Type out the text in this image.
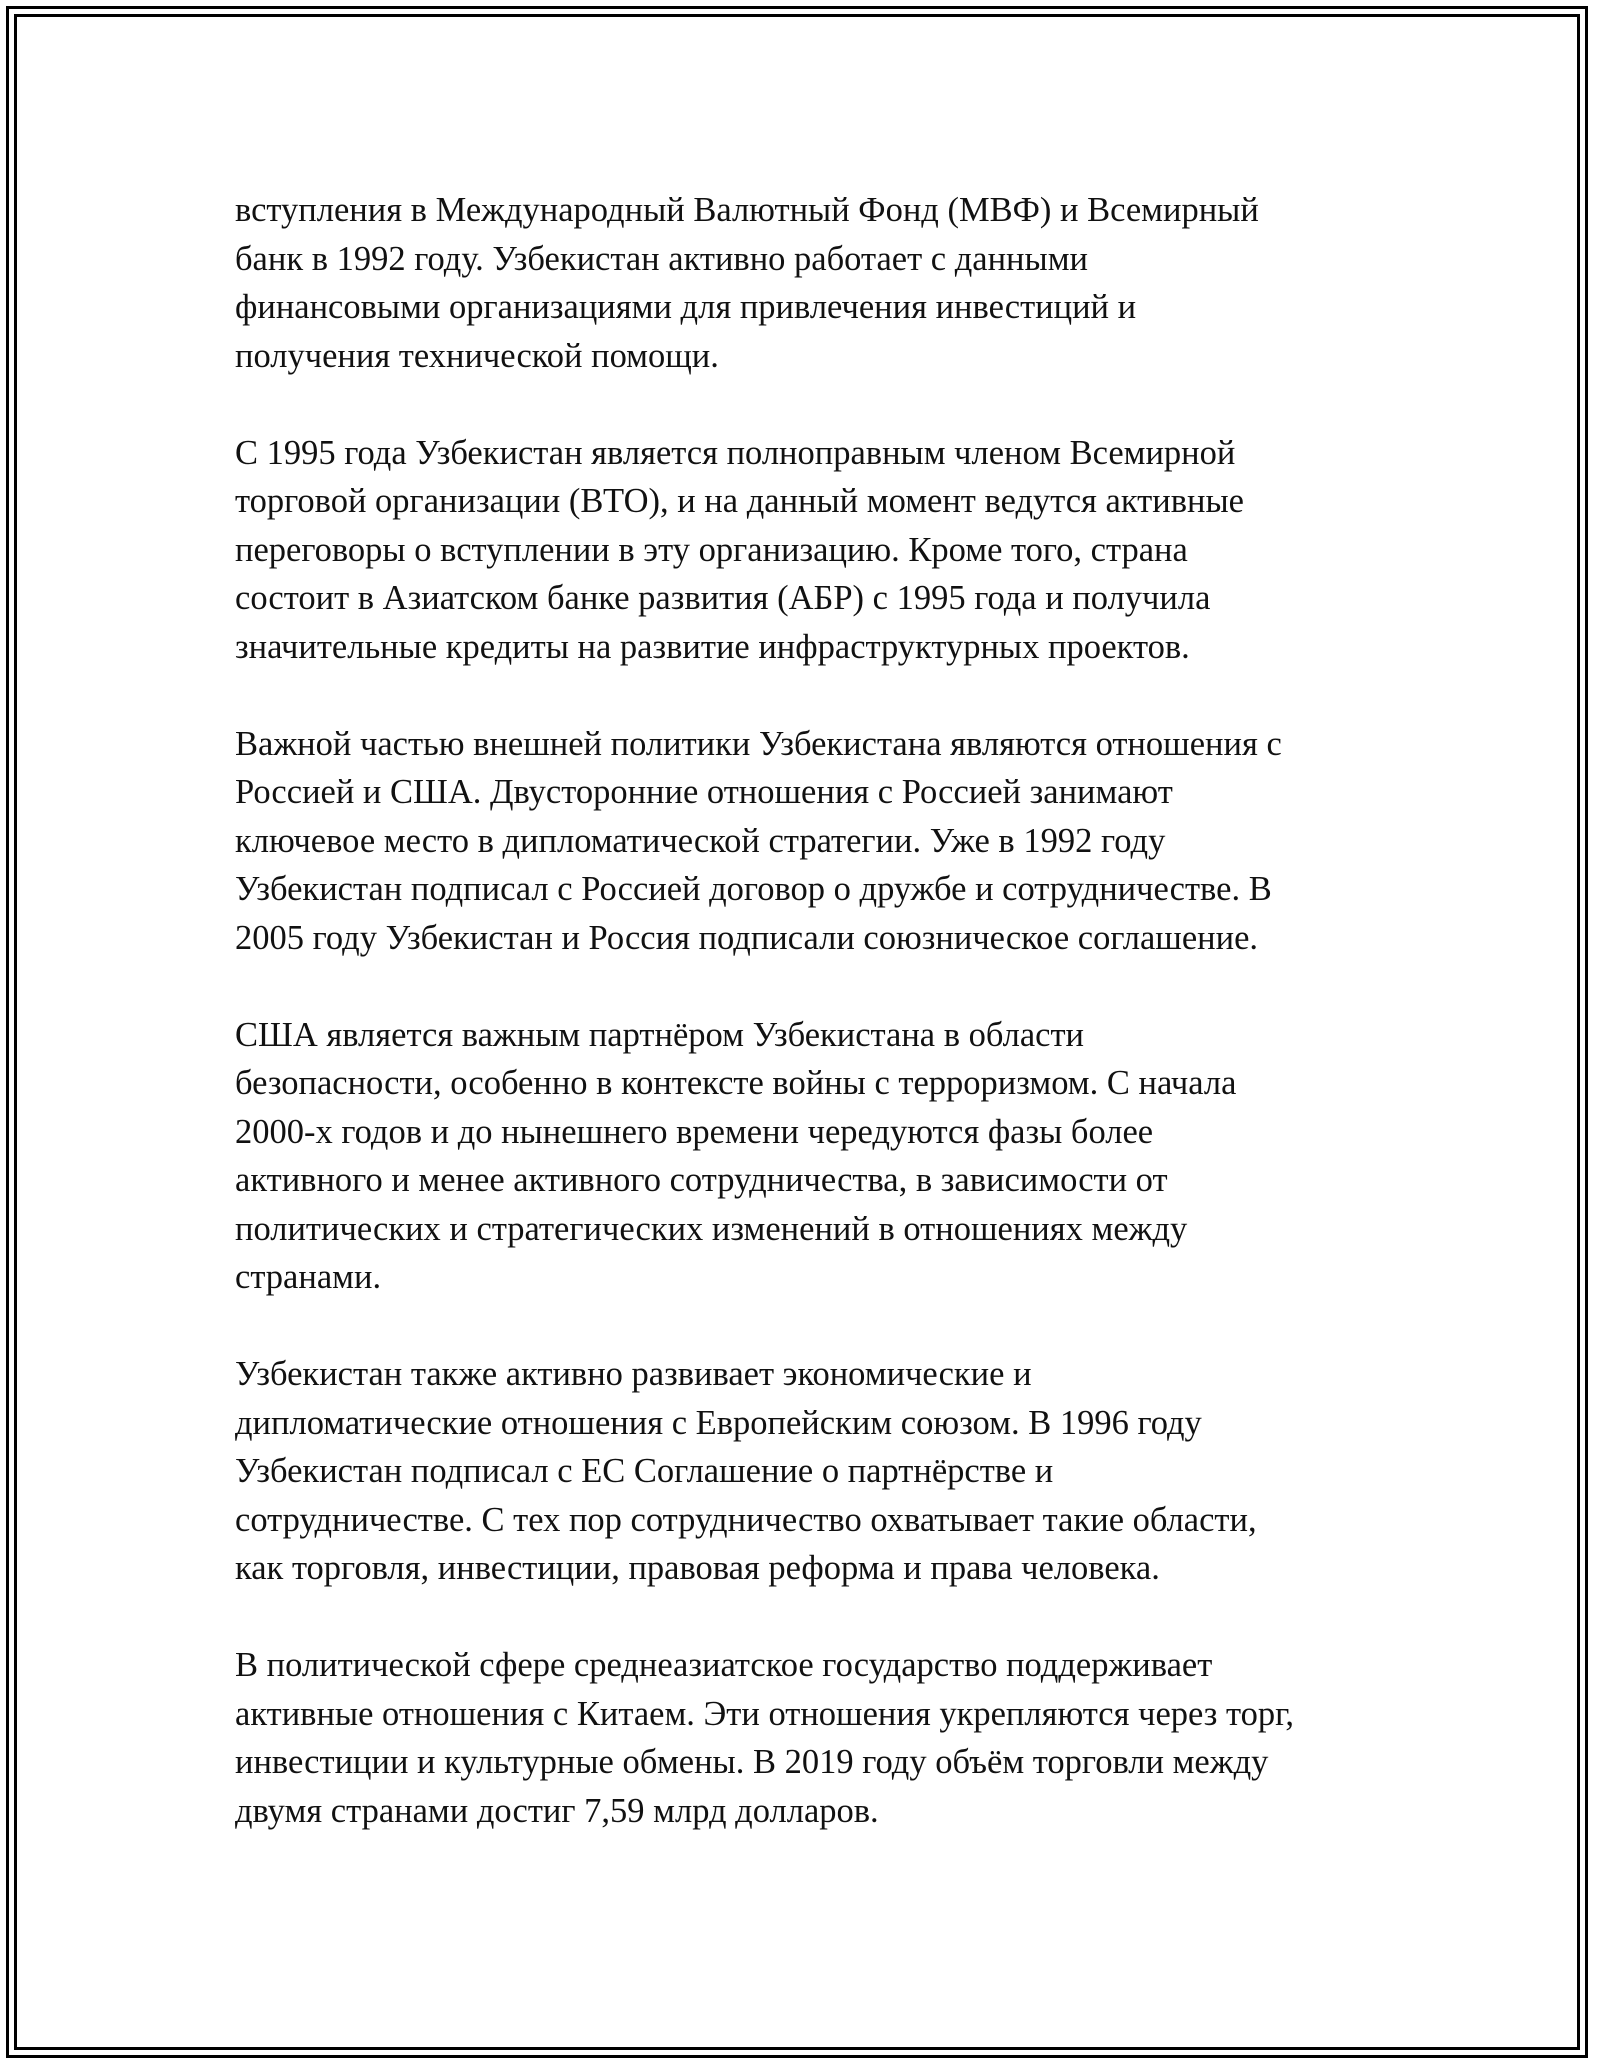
вступления в Международный Валютный Фонд (МВФ) и Всемирный
банк в 1992 году. Узбекистан активно работает с данными
финансовыми организациями для привлечения инвестиций и
получения технической помощи.

С 1995 года Узбекистан является полноправным членом Всемирной
торговой организации (ВТО), и на данный момент ведутся активные
переговоры о вступлении в эту организацию. Кроме того, страна
состоит в Азиатском банке развития (АБР) с 1995 года и получила
значительные кредиты на развитие инфраструктурных проектов.

Важной частью внешней политики Узбекистана являются отношения с
Россией и США. Двусторонние отношения с Россией занимают
ключевое место в дипломатической стратегии. Уже в 1992 году
Узбекистан подписал с Россией договор о дружбе и сотрудничестве. В
2005 году Узбекистан и Россия подписали союзническое соглашение.

США является важным партнёром Узбекистана в области
безопасности, особенно в контексте войны с терроризмом. С начала
2000-х годов и до нынешнего времени чередуются фазы более
активного и менее активного сотрудничества, в зависимости от
политических и стратегических изменений в отношениях между
странами.

Узбекистан также активно развивает экономические и
дипломатические отношения с Европейским союзом. В 1996 году
Узбекистан подписал с ЕС Соглашение о партнёрстве и
сотрудничестве. С тех пор сотрудничество охватывает такие области,
как торговля, инвестиции, правовая реформа и права человека.

В политической сфере среднеазиатское государство поддерживает
активные отношения с Китаем. Эти отношения укрепляются через торг,
инвестиции и культурные обмены. В 2019 году объём торговли между
двумя странами достиг 7,59 млрд долларов.
